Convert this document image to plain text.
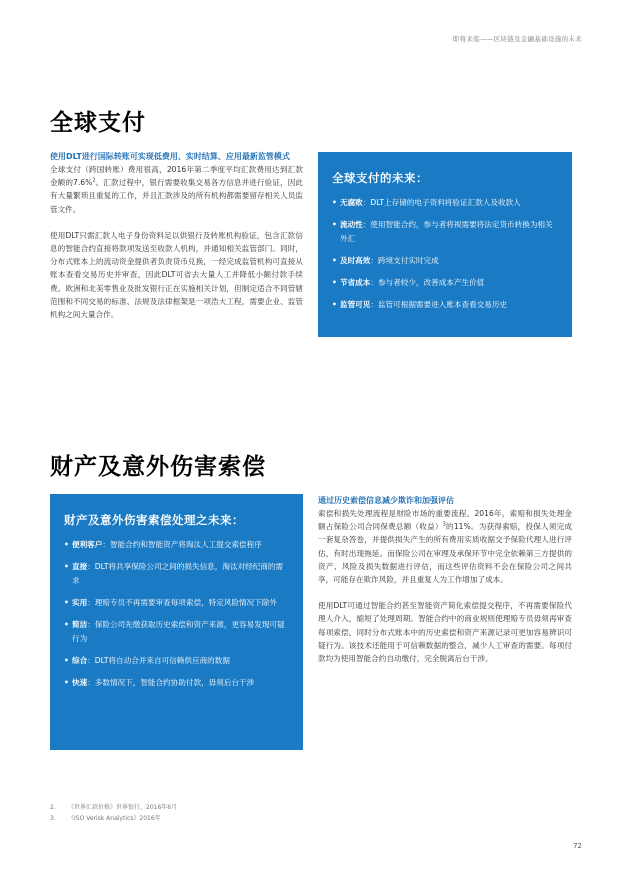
即将来临——区块链及金融基础设施的未来
全球支付
使用DLT进行国际转账可实现低费用、实时结算、应用最新监管模式

全球支付（跨国转账）费用很高，2016年第二季度平均汇款费用达到汇款金额的7.6%$^2$。汇款过程中，银行需要收集交易各方信息并进行验证，因此有大量繁琐且重复的工作，并且汇款涉及的所有机构都需要留存相关人员监管文件。

使用DLT只需汇款人电子身份资料足以供银行及转账机构验证，包含汇款信息的智能合约直接将款项发送至收款人机构，并通知相关监管部门。同时，分布式账本上的流动资金提供者负责货币兑换，一经完成监管机构可直接从账本查看交易历史并审查，因此DLT可省去大量人工并降低小额付款手续费。欧洲和北美零售业及批发银行正在实施相关计划，但制定适合不同管辖范围和不同交易的标准、法规及法律框架是一项浩大工程，需要企业、监管机构之间大量合作。

全球支付的未来：
• 无腐败：DLT上存储的电子资料将验证汇款人及收款人
• 流动性：使用智能合约，参与者将视需要将法定货币转换为相关外汇
• 及时高效：跨境支付实时完成
• 节省成本：参与者较少，改善成本产生价值
• 监管可见：监管可根据需要进入账本查看交易历史
财产及意外伤害索偿
财产及意外伤害索偿处理之未来：
• 便利客户：智能合约和智能资产将淘汰人工提交索偿程序
• 直接：DLT将共享保险公司之间的损失信息，淘汰对经纪商的需求
• 实用：理赔专员不再需要审查每项索偿，特定风险情况下除外
• 简洁：保险公司先缴获取历史索偿和资产来源，更容易发现可疑行为
• 综合：DLT将自动合并来自可信赖供应商的数据
• 快速：多数情况下，智能合约协助付款，毋须后台干涉
通过历史索偿信息减少欺诈和加强评估

索偿和损失处理流程是财险市场的重要流程。2016年，索赔和损失处理金额占保险公司合同保费总额（收益）$^3$的11%。为获得索赔，投保人须完成一套复杂答卷，并提供损失产生的所有费用实质收据交予保险代理人进行评估，有时出现拖延。而保险公司在审理及承保环节中完全依赖第三方提供的资产、风险及损失数据进行评估，而这些评估资料不会在保险公司之间共享，可能存在欺诈风险，并且重复人为工作增加了成本。

使用DLT可通过智能合约甚至智能资产简化索偿提交程序，不再需要保险代理人介入，缩短了处理周期。智能合约中的商业规则使理赔专员毋须再审查每项索偿，同时分布式账本中的历史索偿和资产来源记录可更加容易辨识可疑行为。该技术还能用于可信赖数据的整合，减少人工审查的需要。每项付款均为使用智能合约自动缴付，完全脱离后台干涉。

2. 《世界汇款价格》世界银行，2016年6月
3. 《ISO Verisk Analytics》2016年
72
